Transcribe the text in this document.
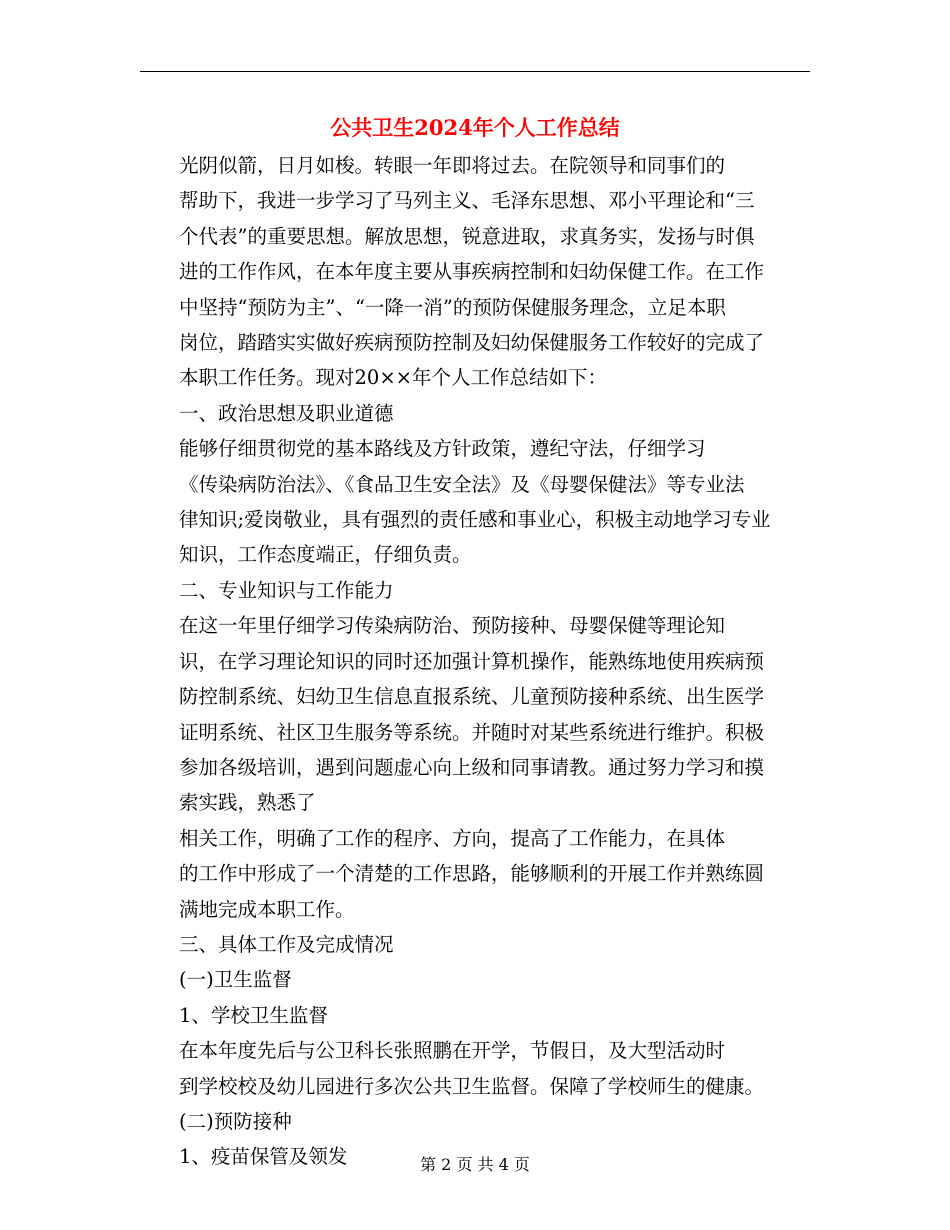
公共卫生2024年个人工作总结

光阴似箭，日月如梭。转眼一年即将过去。在院领导和同事们的
帮助下，我进一步学习了马列主义、毛泽东思想、邓小平理论和“三
个代表”的重要思想。解放思想，锐意进取，求真务实，发扬与时俱
进的工作作风，在本年度主要从事疾病控制和妇幼保健工作。在工作
中坚持“预防为主”、“一降一消”的预防保健服务理念，立足本职
岗位，踏踏实实做好疾病预防控制及妇幼保健服务工作较好的完成了
本职工作任务。现对20××年个人工作总结如下：

一、政治思想及职业道德

能够仔细贯彻党的基本路线及方针政策，遵纪守法，仔细学习
《传染病防治法》、《食品卫生安全法》及《母婴保健法》等专业法
律知识;爱岗敬业，具有强烈的责任感和事业心，积极主动地学习专业
知识，工作态度端正，仔细负责。

二、专业知识与工作能力

在这一年里仔细学习传染病防治、预防接种、母婴保健等理论知
识，在学习理论知识的同时还加强计算机操作，能熟练地使用疾病预
防控制系统、妇幼卫生信息直报系统、儿童预防接种系统、出生医学
证明系统、社区卫生服务等系统。并随时对某些系统进行维护。积极
参加各级培训，遇到问题虚心向上级和同事请教。通过努力学习和摸
索实践，熟悉了

相关工作，明确了工作的程序、方向，提高了工作能力，在具体
的工作中形成了一个清楚的工作思路，能够顺利的开展工作并熟练圆
满地完成本职工作。

三、具体工作及完成情况

(一)卫生监督

1、学校卫生监督

在本年度先后与公卫科长张照鹏在开学，节假日，及大型活动时
到学校校及幼儿园进行多次公共卫生监督。保障了学校师生的健康。

(二)预防接种

1、疫苗保管及领发	第 2 页 共 4 页
